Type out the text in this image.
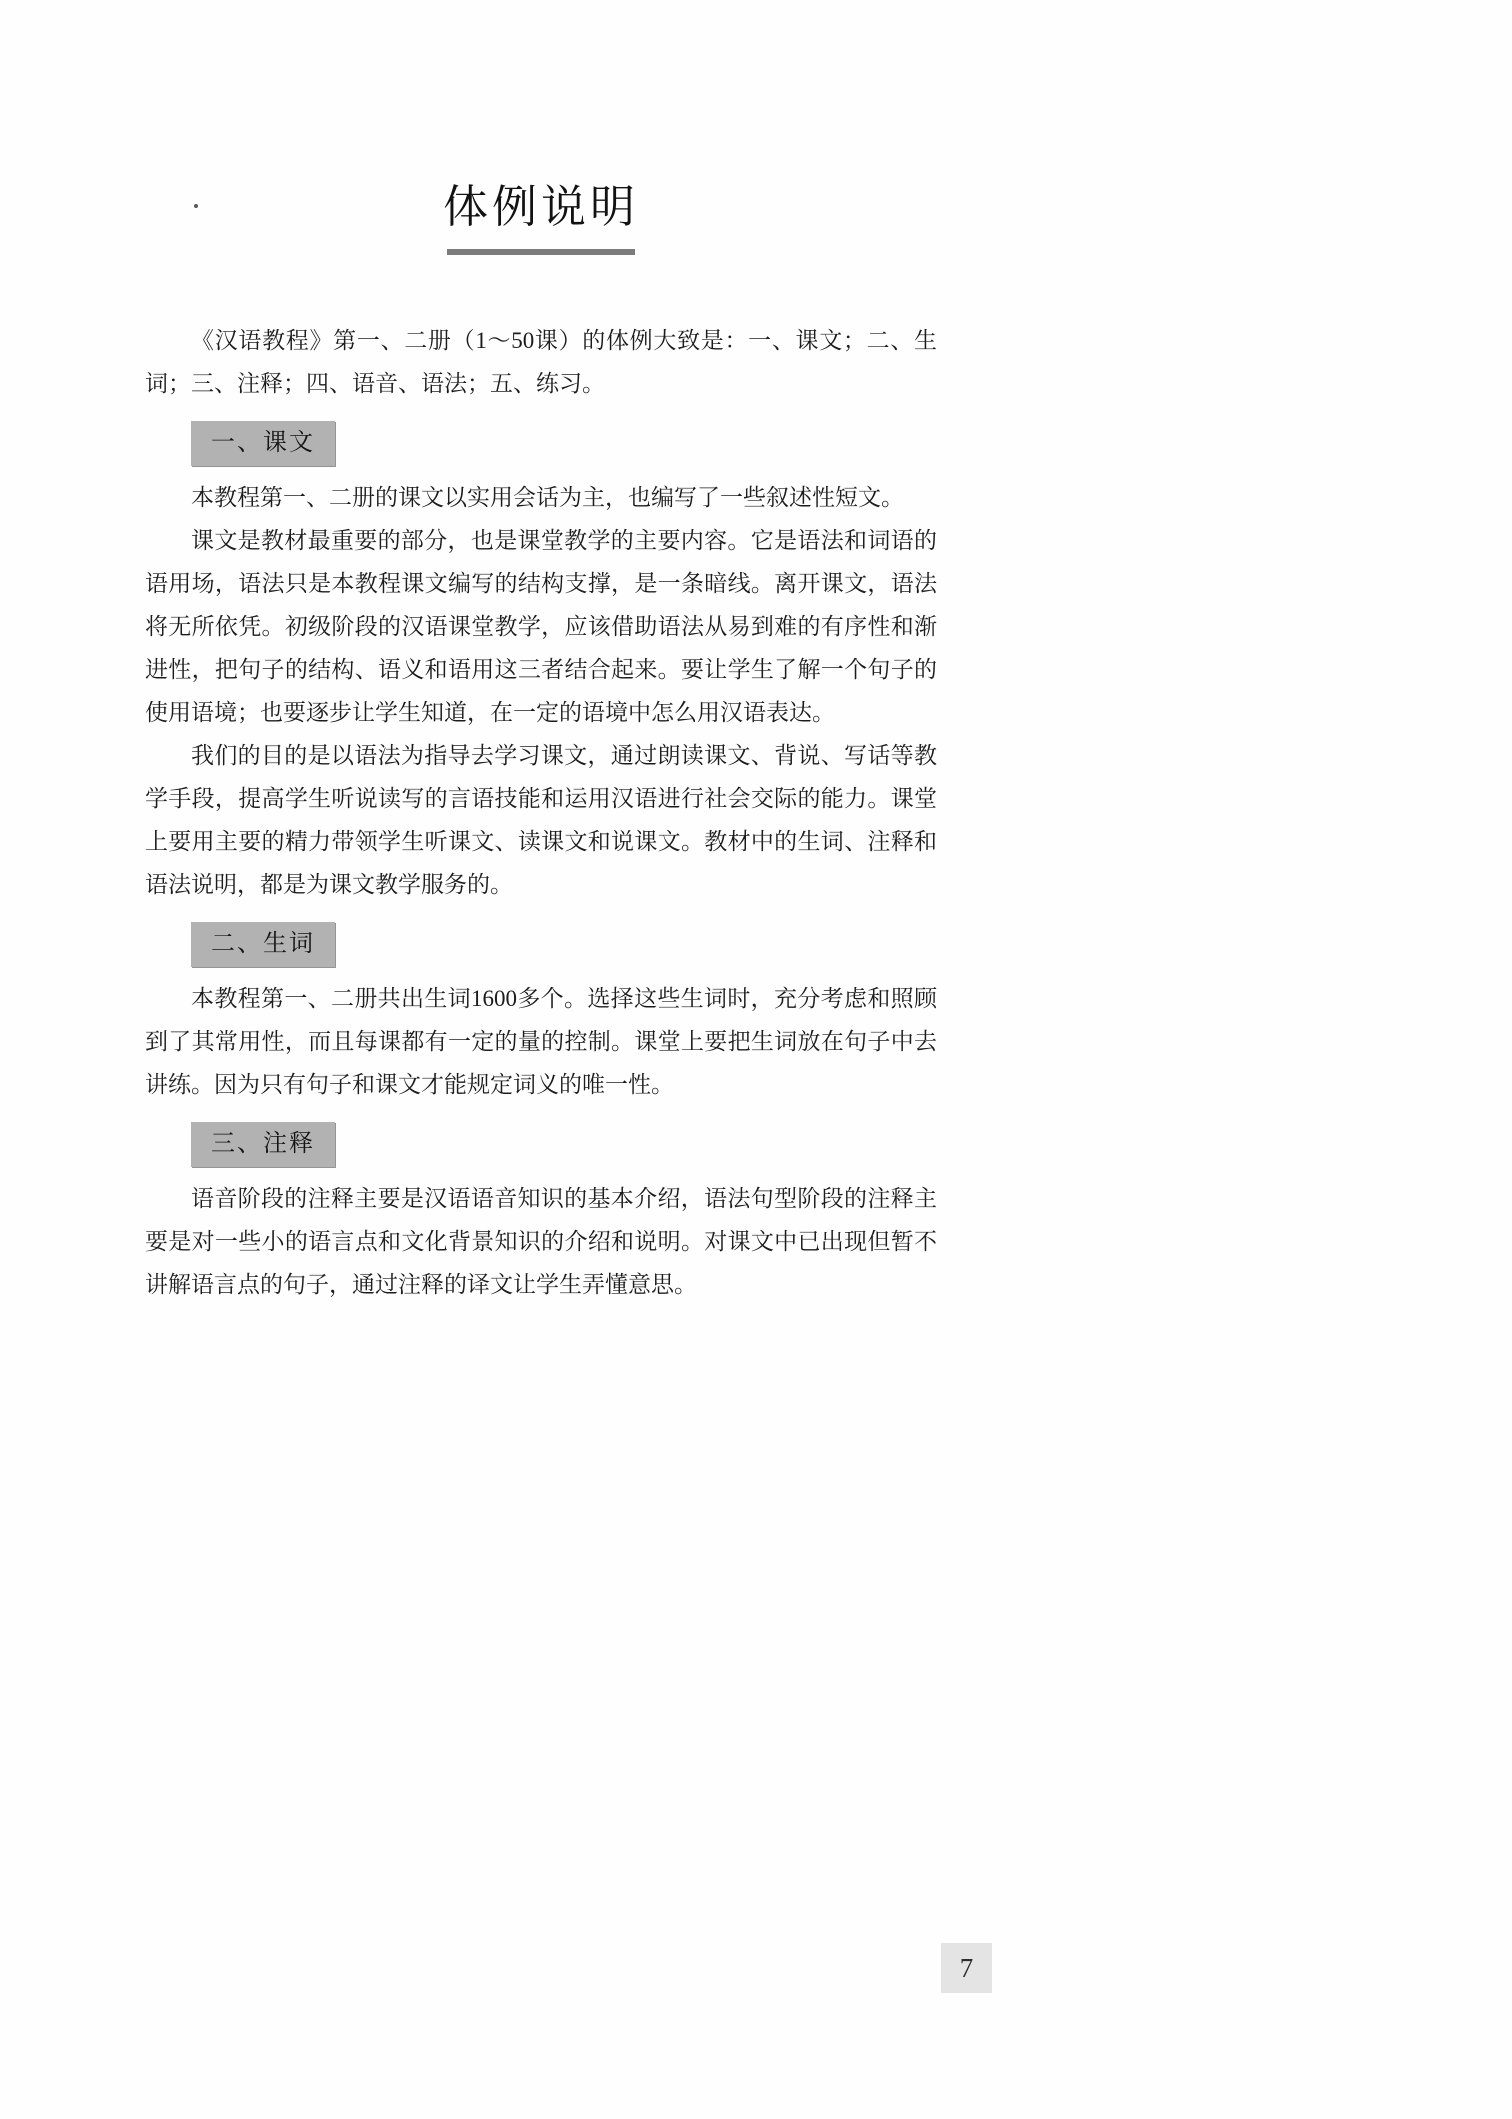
体例说明

《汉语教程》第一、二册（1～50课）的体例大致是：一、课文；二、生词；三、注释；四、语音、语法；五、练习。

一、课文

本教程第一、二册的课文以实用会话为主，也编写了一些叙述性短文。

课文是教材最重要的部分，也是课堂教学的主要内容。它是语法和词语的语用场，语法只是本教程课文编写的结构支撑，是一条暗线。离开课文，语法将无所依凭。初级阶段的汉语课堂教学，应该借助语法从易到难的有序性和渐进性，把句子的结构、语义和语用这三者结合起来。要让学生了解一个句子的使用语境；也要逐步让学生知道，在一定的语境中怎么用汉语表达。

我们的目的是以语法为指导去学习课文，通过朗读课文、背说、写话等教学手段，提高学生听说读写的言语技能和运用汉语进行社会交际的能力。课堂上要用主要的精力带领学生听课文、读课文和说课文。教材中的生词、注释和语法说明，都是为课文教学服务的。

二、生词

本教程第一、二册共出生词1600多个。选择这些生词时，充分考虑和照顾到了其常用性，而且每课都有一定的量的控制。课堂上要把生词放在句子中去讲练。因为只有句子和课文才能规定词义的唯一性。

三、注释

语音阶段的注释主要是汉语语音知识的基本介绍，语法句型阶段的注释主要是对一些小的语言点和文化背景知识的介绍和说明。对课文中已出现但暂不讲解语言点的句子，通过注释的译文让学生弄懂意思。

7
